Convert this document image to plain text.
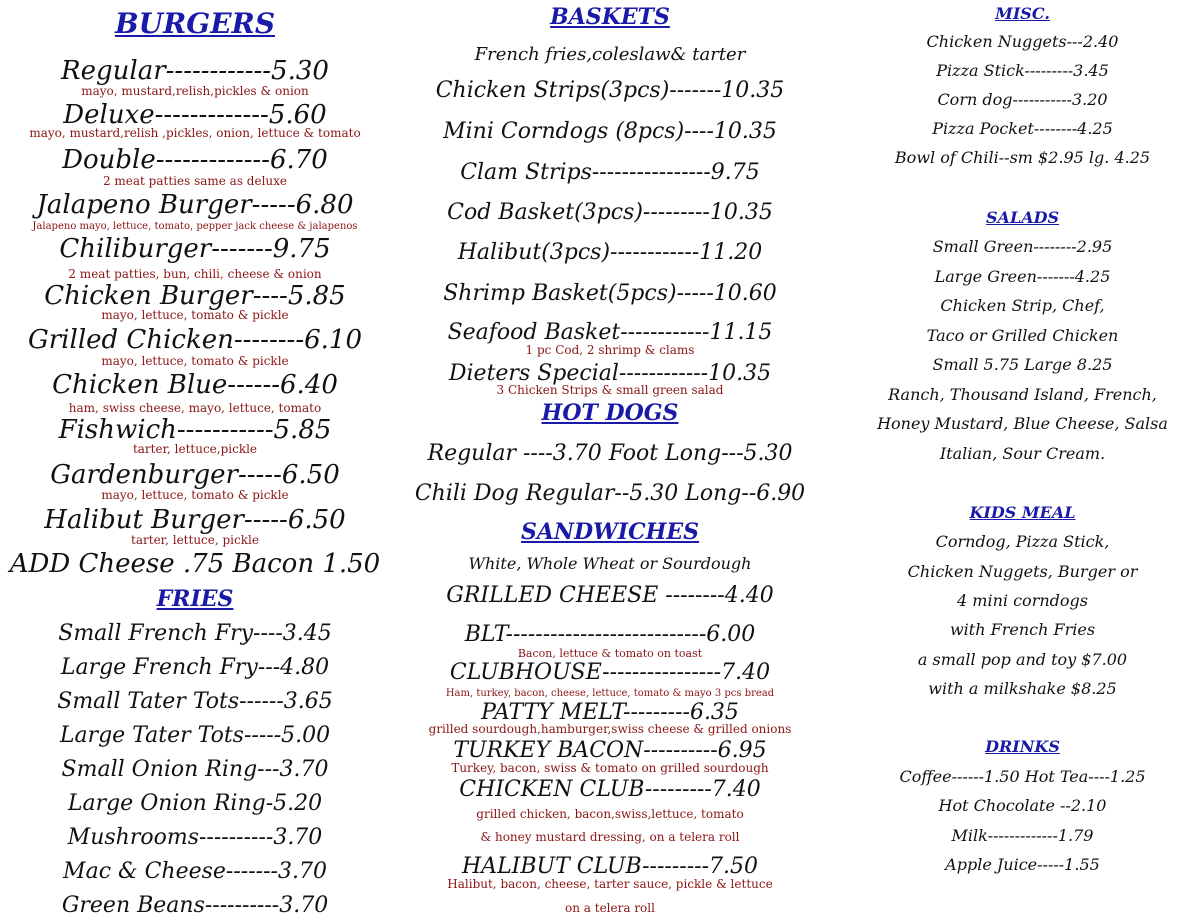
BURGERS
Regular------------5.30
mayo, mustard,relish,pickles & onion
Deluxe-------------5.60
mayo, mustard,relish ,pickles, onion, lettuce & tomato
Double-------------6.70
2 meat patties same as deluxe
Jalapeno Burger-----6.80
Jalapeno mayo, lettuce, tomato, pepper jack cheese & jalapenos
Chiliburger-------9.75
2 meat patties, bun, chili, cheese & onion
Chicken Burger----5.85
mayo, lettuce, tomato & pickle
Grilled Chicken--------6.10
mayo, lettuce, tomato & pickle
Chicken Blue------6.40
ham, swiss cheese, mayo, lettuce, tomato
Fishwich-----------5.85
tarter, lettuce,pickle
Gardenburger-----6.50
mayo, lettuce, tomato & pickle
Halibut Burger-----6.50
tarter, lettuce, pickle
ADD Cheese .75 Bacon 1.50
FRIES
Small French Fry----3.45
Large French Fry---4.80
Small Tater Tots------3.65
Large Tater Tots-----5.00
Small Onion Ring---3.70
Large Onion Ring-5.20
Mushrooms----------3.70
Mac & Cheese-------3.70
Green Beans----------3.70
BASKETS
French fries,coleslaw& tarter
Chicken Strips(3pcs)-------10.35
Mini Corndogs (8pcs)----10.35
Clam Strips----------------9.75
Cod Basket(3pcs)---------10.35
Halibut(3pcs)------------11.20
Shrimp Basket(5pcs)-----10.60
Seafood Basket------------11.15
1 pc Cod, 2 shrimp & clams
Dieters Special------------10.35
3 Chicken Strips & small green salad
HOT DOGS
Regular ----3.70 Foot Long---5.30
Chili Dog Regular--5.30 Long--6.90
SANDWICHES
White, Whole Wheat or Sourdough
GRILLED CHEESE --------4.40
BLT---------------------------6.00
Bacon, lettuce & tomato on toast
CLUBHOUSE----------------7.40
Ham, turkey, bacon, cheese, lettuce, tomato & mayo 3 pcs bread
PATTY MELT---------6.35
grilled sourdough,hamburger,swiss cheese & grilled onions
TURKEY BACON----------6.95
Turkey, bacon, swiss & tomato on grilled sourdough
CHICKEN CLUB---------7.40
grilled chicken, bacon,swiss,lettuce, tomato
& honey mustard dressing, on a telera roll
HALIBUT CLUB---------7.50
Halibut, bacon, cheese, tarter sauce, pickle & lettuce
on a telera roll
MISC.
Chicken Nuggets---2.40
Pizza Stick---------3.45
Corn dog-----------3.20
Pizza Pocket--------4.25
Bowl of Chili--sm $2.95 lg. 4.25
SALADS
Small Green--------2.95
Large Green-------4.25
Chicken Strip, Chef,
Taco or Grilled Chicken
Small 5.75 Large 8.25
Ranch, Thousand Island, French,
Honey Mustard, Blue Cheese, Salsa
Italian, Sour Cream.
KIDS MEAL
Corndog, Pizza Stick,
Chicken Nuggets, Burger or
4 mini corndogs
with French Fries
a small pop and toy $7.00
with a milkshake $8.25
DRINKS
Coffee------1.50 Hot Tea----1.25
Hot Chocolate --2.10
Milk-------------1.79
Apple Juice-----1.55
